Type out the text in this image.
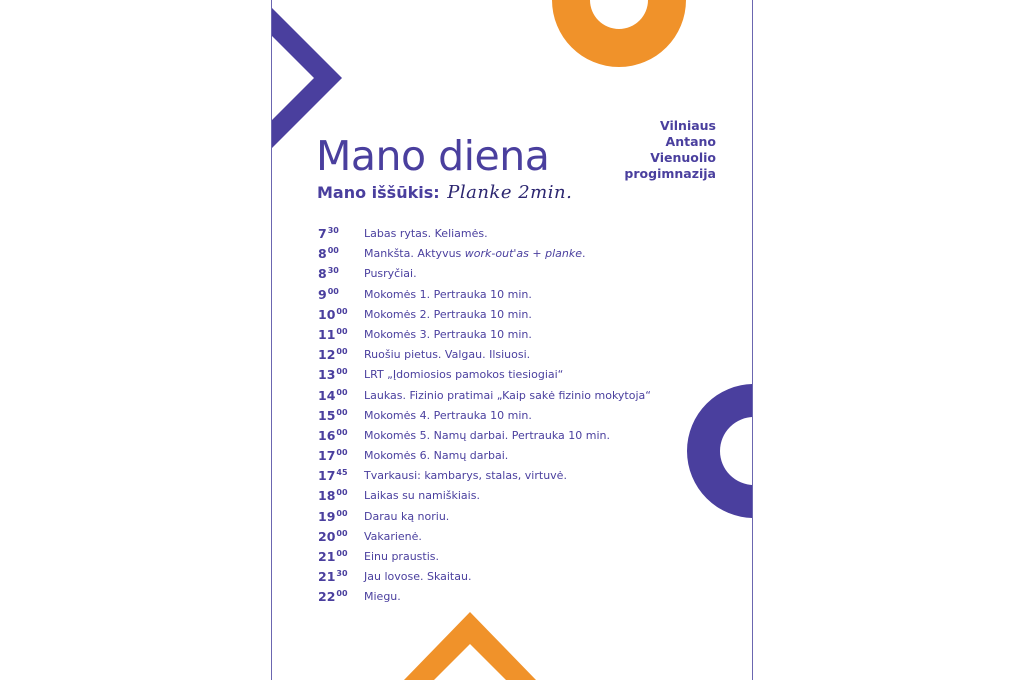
Mano diena
Mano iššūkis: Planke 2min.
Vilniaus
Antano
Vienuolio
progimnazija
$7^{30}$ Labas rytas. Keliamės.
$8^{00}$ Mankšta. Aktyvus work-out'as + planke.
$8^{30}$ Pusryčiai.
$9^{00}$ Mokomės 1. Pertrauka 10 min.
$10^{00}$ Mokomės 2. Pertrauka 10 min.
$11^{00}$ Mokomės 3. Pertrauka 10 min.
$12^{00}$ Ruošiu pietus. Valgau. Ilsiuosi.
$13^{00}$ LRT „Įdomiosios pamokos tiesiogiai“
$14^{00}$ Laukas. Fizinio pratimai „Kaip sakė fizinio mokytoja“
$15^{00}$ Mokomės 4. Pertrauka 10 min.
$16^{00}$ Mokomės 5. Namų darbai. Pertrauka 10 min.
$17^{00}$ Mokomės 6. Namų darbai.
$17^{45}$ Tvarkausi: kambarys, stalas, virtuvė.
$18^{00}$ Laikas su namiškiais.
$19^{00}$ Darau ką noriu.
$20^{00}$ Vakarienė.
$21^{00}$ Einu praustis.
$21^{30}$ Jau lovose. Skaitau.
$22^{00}$ Miegu.
